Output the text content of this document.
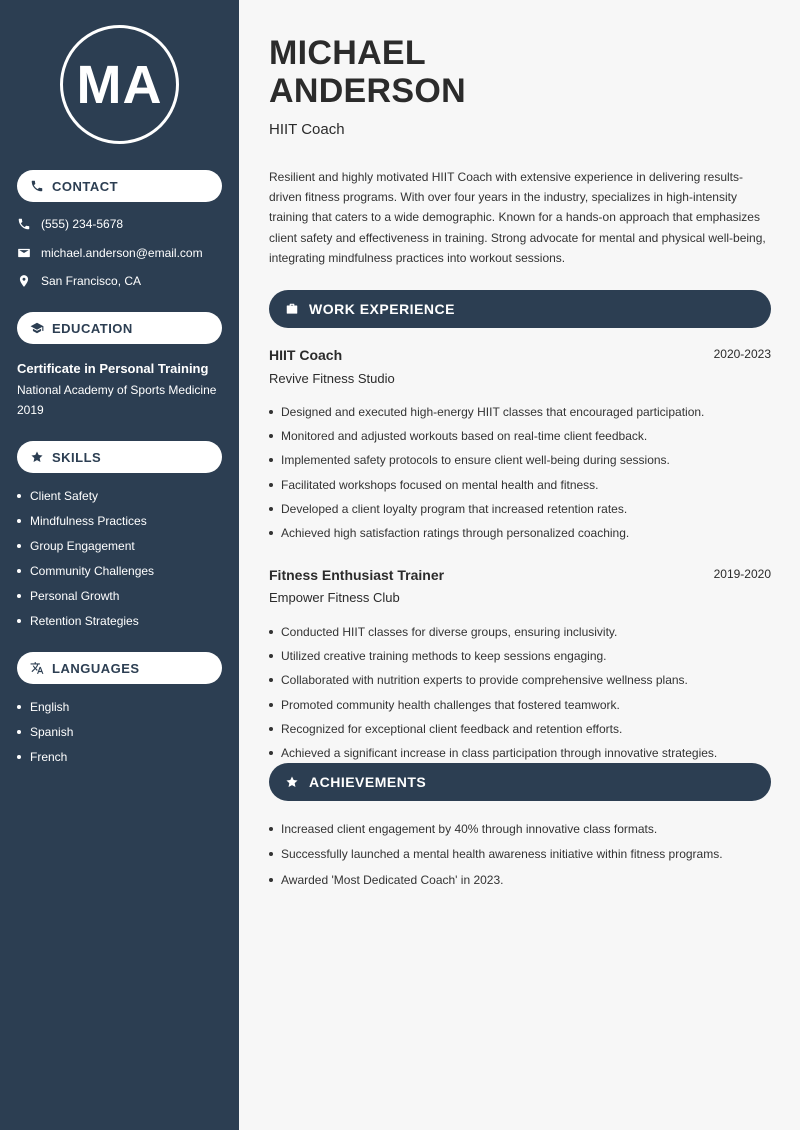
MA
CONTACT
(555) 234-5678
michael.anderson@email.com
San Francisco, CA
EDUCATION
Certificate in Personal Training
National Academy of Sports Medicine
2019
SKILLS
Client Safety
Mindfulness Practices
Group Engagement
Community Challenges
Personal Growth
Retention Strategies
LANGUAGES
English
Spanish
French
MICHAEL
ANDERSON
HIIT Coach

Resilient and highly motivated HIIT Coach with extensive experience in delivering results-driven fitness programs. With over four years in the industry, specializes in high-intensity training that caters to a wide demographic. Known for a hands-on approach that emphasizes client safety and effectiveness in training. Strong advocate for mental and physical well-being, integrating mindfulness practices into workout sessions.

WORK EXPERIENCE
HIIT Coach	2020-2023
Revive Fitness Studio
Designed and executed high-energy HIIT classes that encouraged participation.
Monitored and adjusted workouts based on real-time client feedback.
Implemented safety protocols to ensure client well-being during sessions.
Facilitated workshops focused on mental health and fitness.
Developed a client loyalty program that increased retention rates.
Achieved high satisfaction ratings through personalized coaching.
Fitness Enthusiast Trainer	2019-2020
Empower Fitness Club
Conducted HIIT classes for diverse groups, ensuring inclusivity.
Utilized creative training methods to keep sessions engaging.
Collaborated with nutrition experts to provide comprehensive wellness plans.
Promoted community health challenges that fostered teamwork.
Recognized for exceptional client feedback and retention efforts.
Achieved a significant increase in class participation through innovative strategies.
ACHIEVEMENTS
Increased client engagement by 40% through innovative class formats.
Successfully launched a mental health awareness initiative within fitness programs.
Awarded 'Most Dedicated Coach' in 2023.
